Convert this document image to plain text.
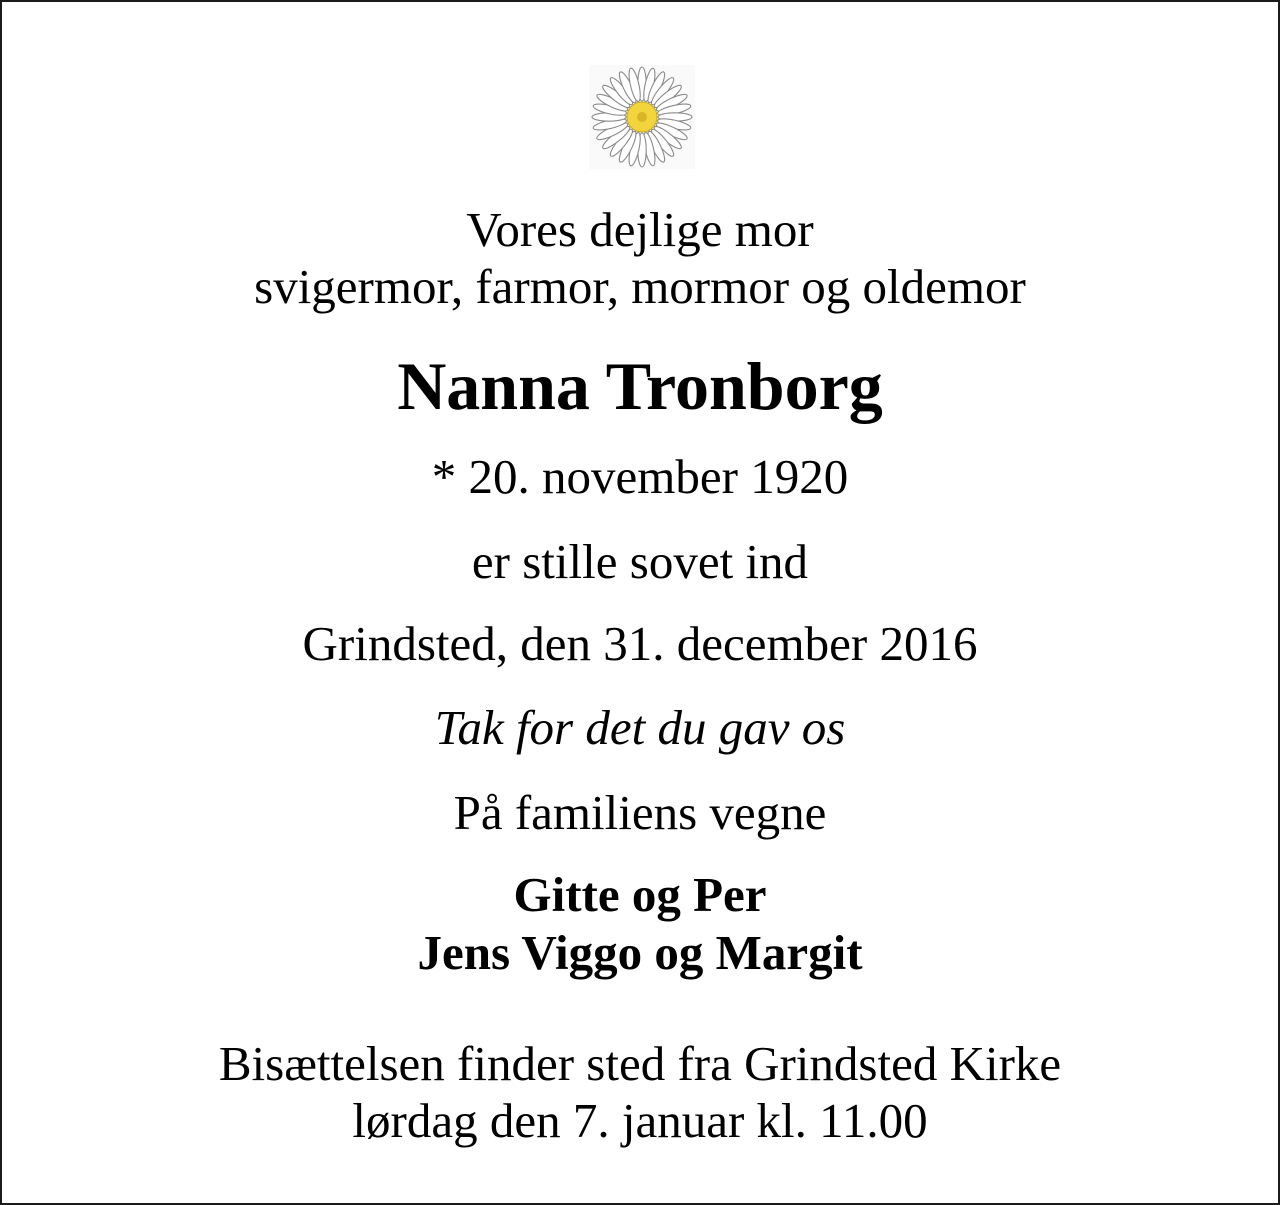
Vores dejlige mor
svigermor, farmor, mormor og oldemor
Nanna Tronborg
* 20. november 1920
er stille sovet ind
Grindsted, den 31. december 2016
Tak for det du gav os
På familiens vegne
Gitte og Per
Jens Viggo og Margit
Bisættelsen finder sted fra Grindsted Kirke
lørdag den 7. januar kl. 11.00
